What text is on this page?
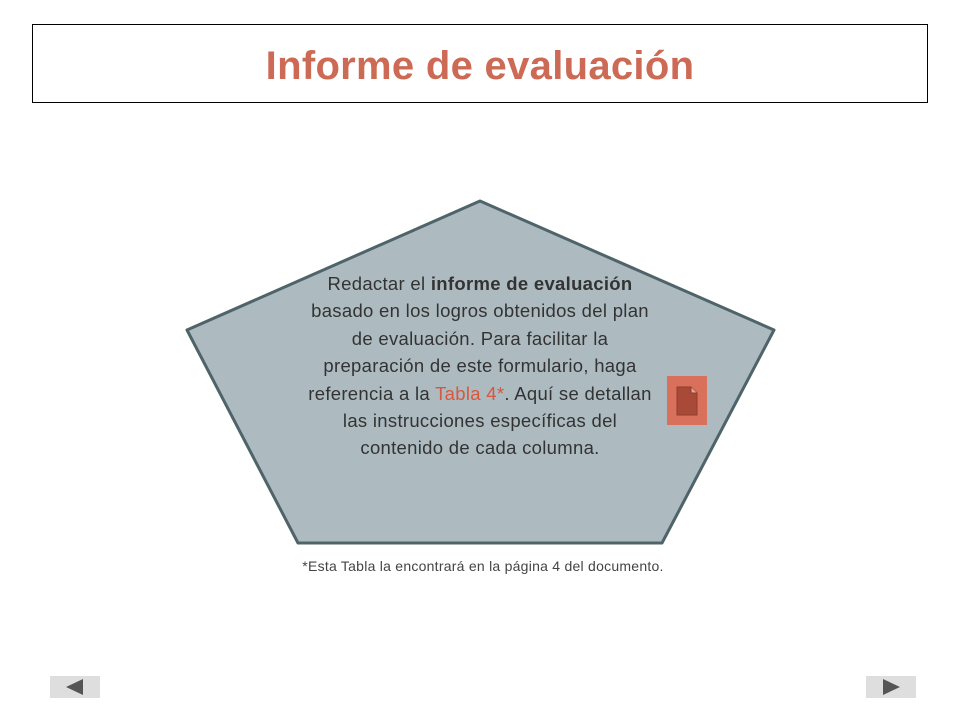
Informe de evaluación
Redactar el informe de evaluación basado en los logros obtenidos del plan de evaluación. Para facilitar la preparación de este formulario, haga referencia a la Tabla 4*. Aquí se detallan las instrucciones específicas del contenido de cada columna.
*Esta Tabla la encontrará en la página 4 del documento.
